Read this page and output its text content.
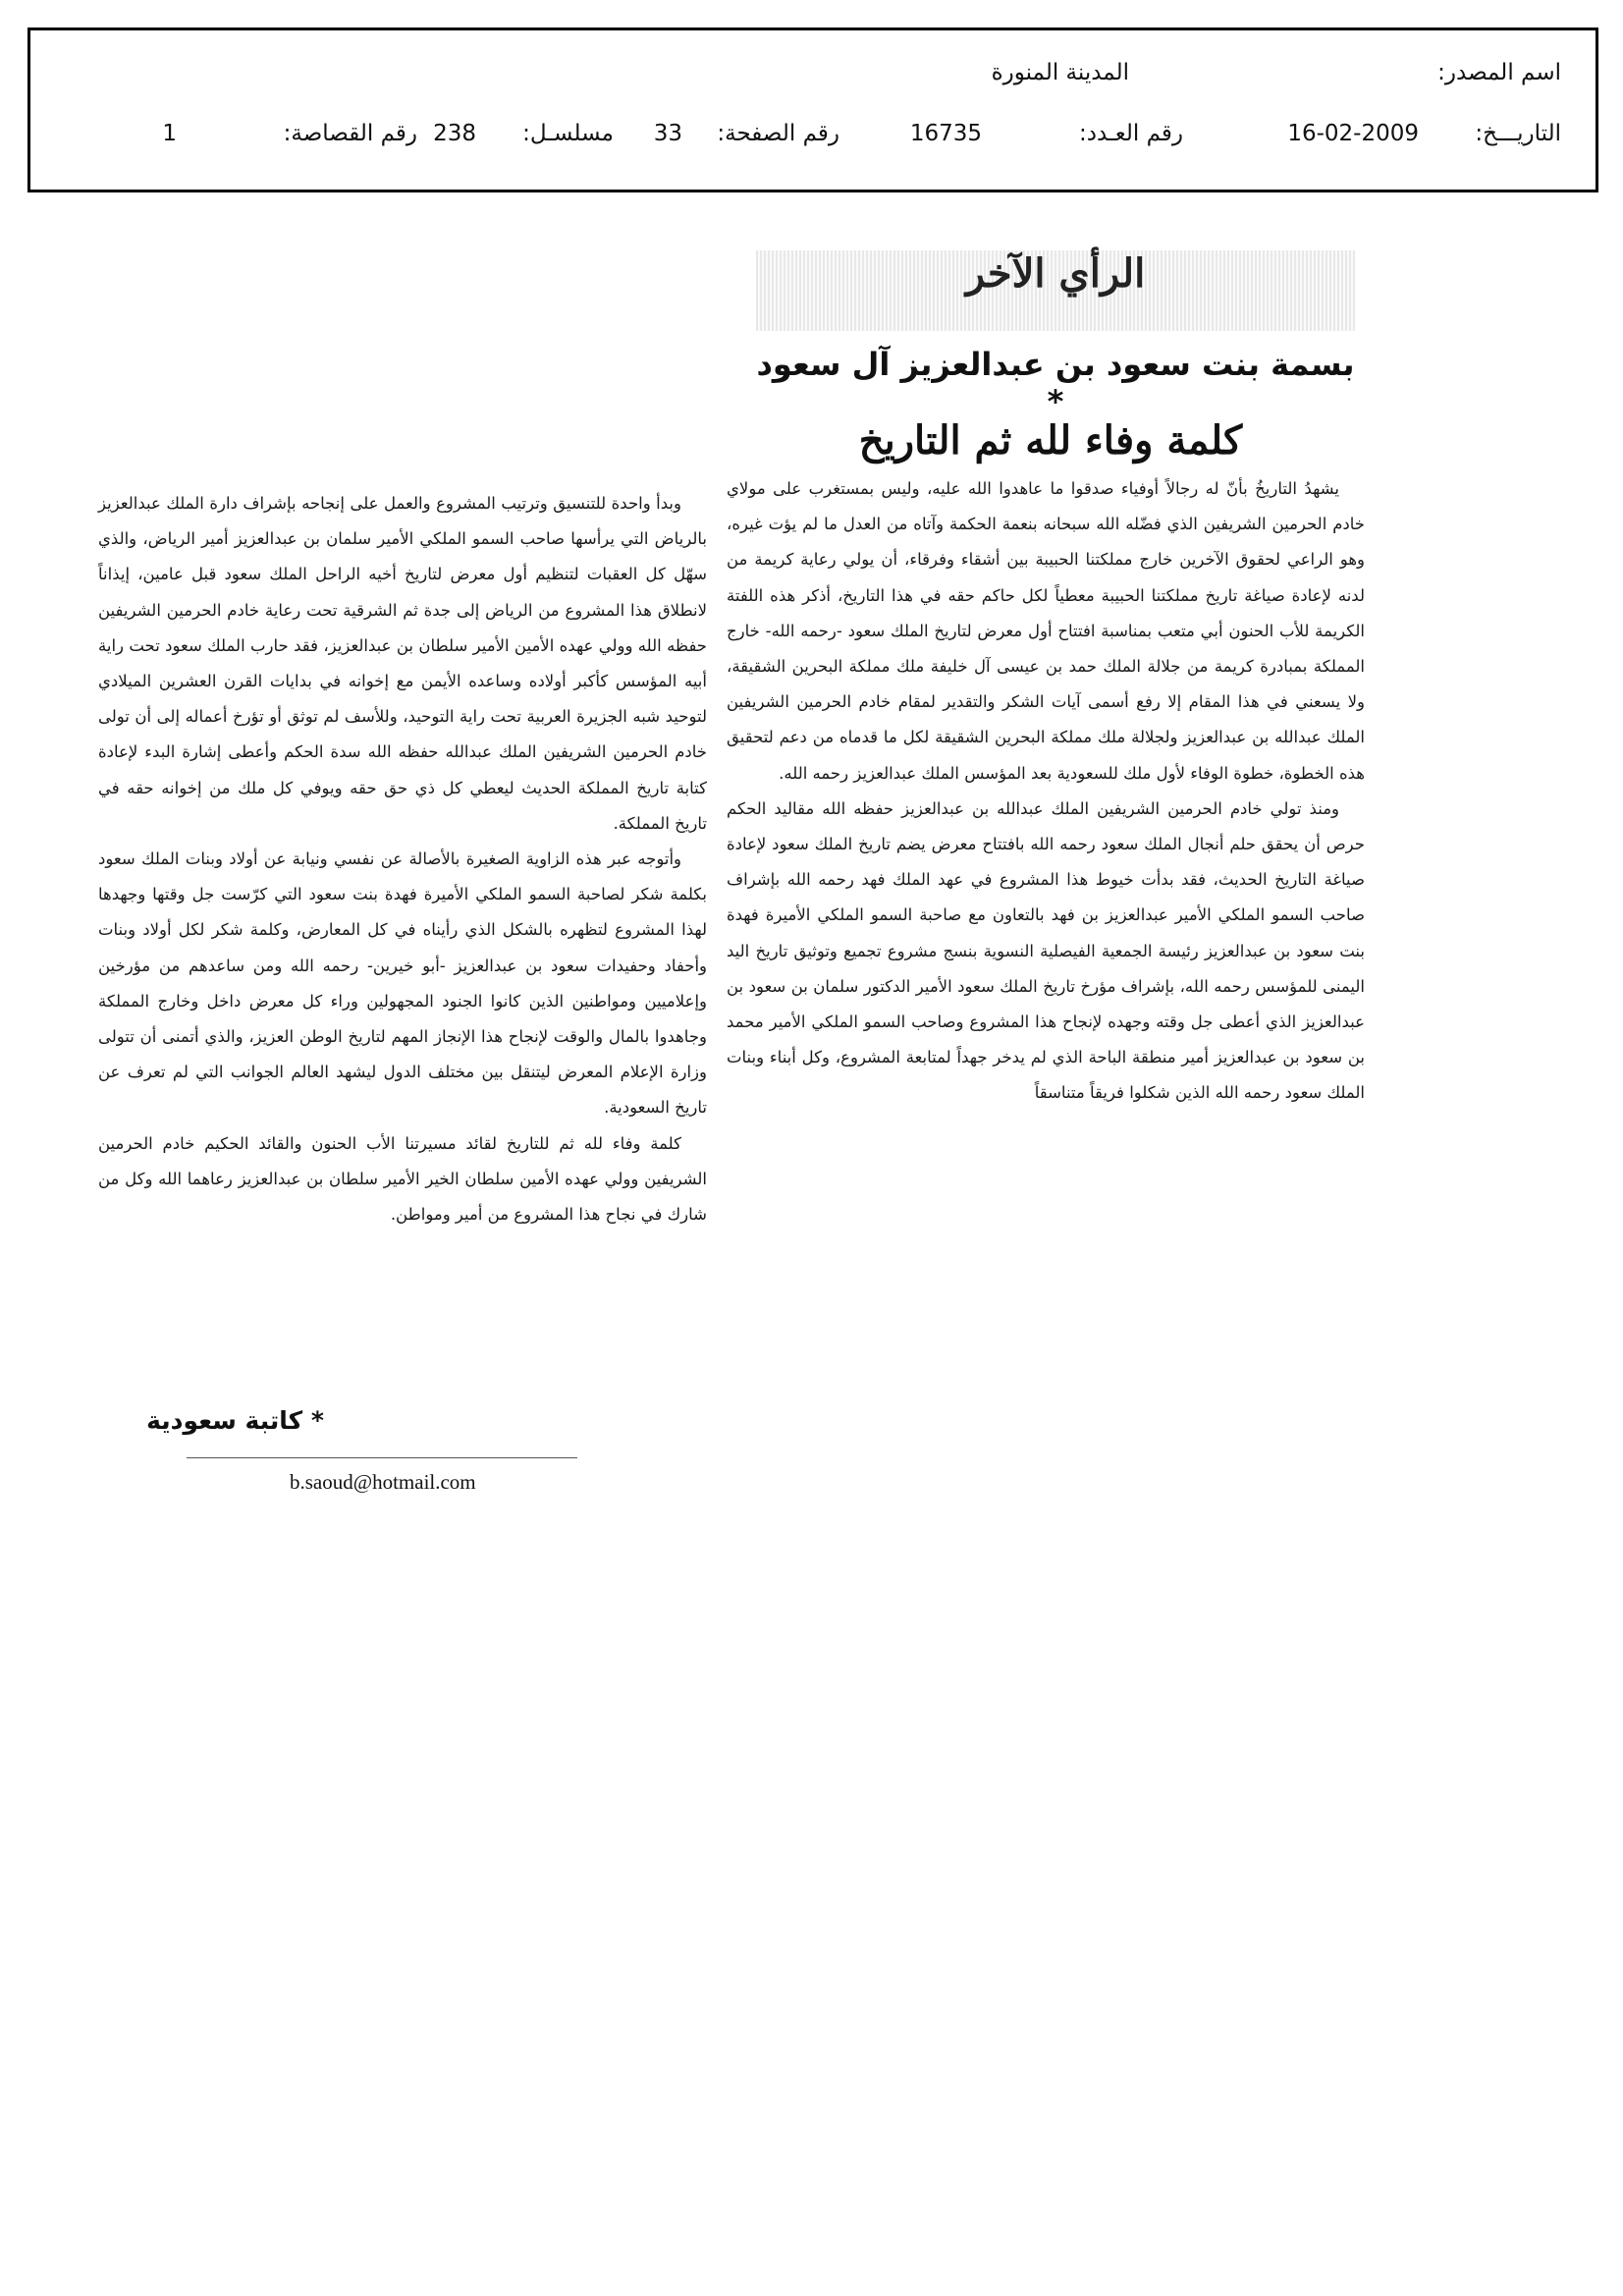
اسم المصدر:
المدينة المنورة
التاريـــخ:
16-02-2009
رقم العـدد:
16735
رقم الصفحة:
33
مسلسـل:
238
رقم القصاصة:
1
الرأي الآخر
بسمة بنت سعود بن عبدالعزيز آل سعود *
كلمة وفاء لله ثم التاريخ

يشهدُ التاريخُ بأنّ له رجالاً أوفياء صدقوا ما عاهدوا الله عليه، وليس بمستغرب على مولاي خادم الحرمين الشريفين الذي فضّله الله سبحانه بنعمة الحكمة وآتاه من العدل ما لم يؤت غيره، وهو الراعي لحقوق الآخرين خارج مملكتنا الحبيبة بين أشقاء وفرقاء، أن يولي رعاية كريمة من لدنه لإعادة صياغة تاريخ مملكتنا الحبيبة معطياً لكل حاكم حقه في هذا التاريخ، أذكر هذه اللفتة الكريمة للأب الحنون أبي متعب بمناسبة افتتاح أول معرض لتاريخ الملك سعود -رحمه الله- خارج المملكة بمبادرة كريمة من جلالة الملك حمد بن عيسى آل خليفة ملك مملكة البحرين الشقيقة، ولا يسعني في هذا المقام إلا رفع أسمى آيات الشكر والتقدير لمقام خادم الحرمين الشريفين الملك عبدالله بن عبدالعزيز ولجلالة ملك مملكة البحرين الشقيقة لكل ما قدماه من دعم لتحقيق هذه الخطوة، خطوة الوفاء لأول ملك للسعودية بعد المؤسس الملك عبدالعزيز رحمه الله.

ومنذ تولي خادم الحرمين الشريفين الملك عبدالله بن عبدالعزيز حفظه الله مقاليد الحكم حرص أن يحقق حلم أنجال الملك سعود رحمه الله بافتتاح معرض يضم تاريخ الملك سعود لإعادة صياغة التاريخ الحديث، فقد بدأت خيوط هذا المشروع في عهد الملك فهد رحمه الله بإشراف صاحب السمو الملكي الأمير عبدالعزيز بن فهد بالتعاون مع صاحبة السمو الملكي الأميرة فهدة بنت سعود بن عبدالعزيز رئيسة الجمعية الفيصلية النسوية بنسج مشروع تجميع وتوثيق تاريخ اليد اليمنى للمؤسس رحمه الله، بإشراف مؤرخ تاريخ الملك سعود الأمير الدكتور سلمان بن سعود بن عبدالعزيز الذي أعطى جل وقته وجهده لإنجاح هذا المشروع وصاحب السمو الملكي الأمير محمد بن سعود بن عبدالعزيز أمير منطقة الباحة الذي لم يدخر جهداً لمتابعة المشروع، وكل أبناء وبنات الملك سعود رحمه الله الذين شكلوا فريقاً متناسقاً

وبدأ واحدة للتنسيق وترتيب المشروع والعمل على إنجاحه بإشراف دارة الملك عبدالعزيز بالرياض التي يرأسها صاحب السمو الملكي الأمير سلمان بن عبدالعزيز أمير الرياض، والذي سهّل كل العقبات لتنظيم أول معرض لتاريخ أخيه الراحل الملك سعود قبل عامين، إيذاناً لانطلاق هذا المشروع من الرياض إلى جدة ثم الشرقية تحت رعاية خادم الحرمين الشريفين حفظه الله وولي عهده الأمين الأمير سلطان بن عبدالعزيز، فقد حارب الملك سعود تحت راية أبيه المؤسس كأكبر أولاده وساعده الأيمن مع إخوانه في بدايات القرن العشرين الميلادي لتوحيد شبه الجزيرة العربية تحت راية التوحيد، وللأسف لم توثق أو تؤرخ أعماله إلى أن تولى خادم الحرمين الشريفين الملك عبدالله حفظه الله سدة الحكم وأعطى إشارة البدء لإعادة كتابة تاريخ المملكة الحديث ليعطي كل ذي حق حقه ويوفي كل ملك من إخوانه حقه في تاريخ المملكة.

وأتوجه عبر هذه الزاوية الصغيرة بالأصالة عن نفسي ونيابة عن أولاد وبنات الملك سعود بكلمة شكر لصاحبة السمو الملكي الأميرة فهدة بنت سعود التي كرّست جل وقتها وجهدها لهذا المشروع لتظهره بالشكل الذي رأيناه في كل المعارض، وكلمة شكر لكل أولاد وبنات وأحفاد وحفيدات سعود بن عبدالعزيز -أبو خيرين- رحمه الله ومن ساعدهم من مؤرخين وإعلاميين ومواطنين الذين كانوا الجنود المجهولين وراء كل معرض داخل وخارج المملكة وجاهدوا بالمال والوقت لإنجاح هذا الإنجاز المهم لتاريخ الوطن العزيز، والذي أتمنى أن تتولى وزارة الإعلام المعرض ليتنقل بين مختلف الدول ليشهد العالم الجوانب التي لم تعرف عن تاريخ السعودية.

كلمة وفاء لله ثم للتاريخ لقائد مسيرتنا الأب الحنون والقائد الحكيم خادم الحرمين الشريفين وولي عهده الأمين سلطان الخير الأمير سلطان بن عبدالعزيز رعاهما الله وكل من شارك في نجاح هذا المشروع من أمير ومواطن.

* كاتبة سعودية
b.saoud@hotmail.com
